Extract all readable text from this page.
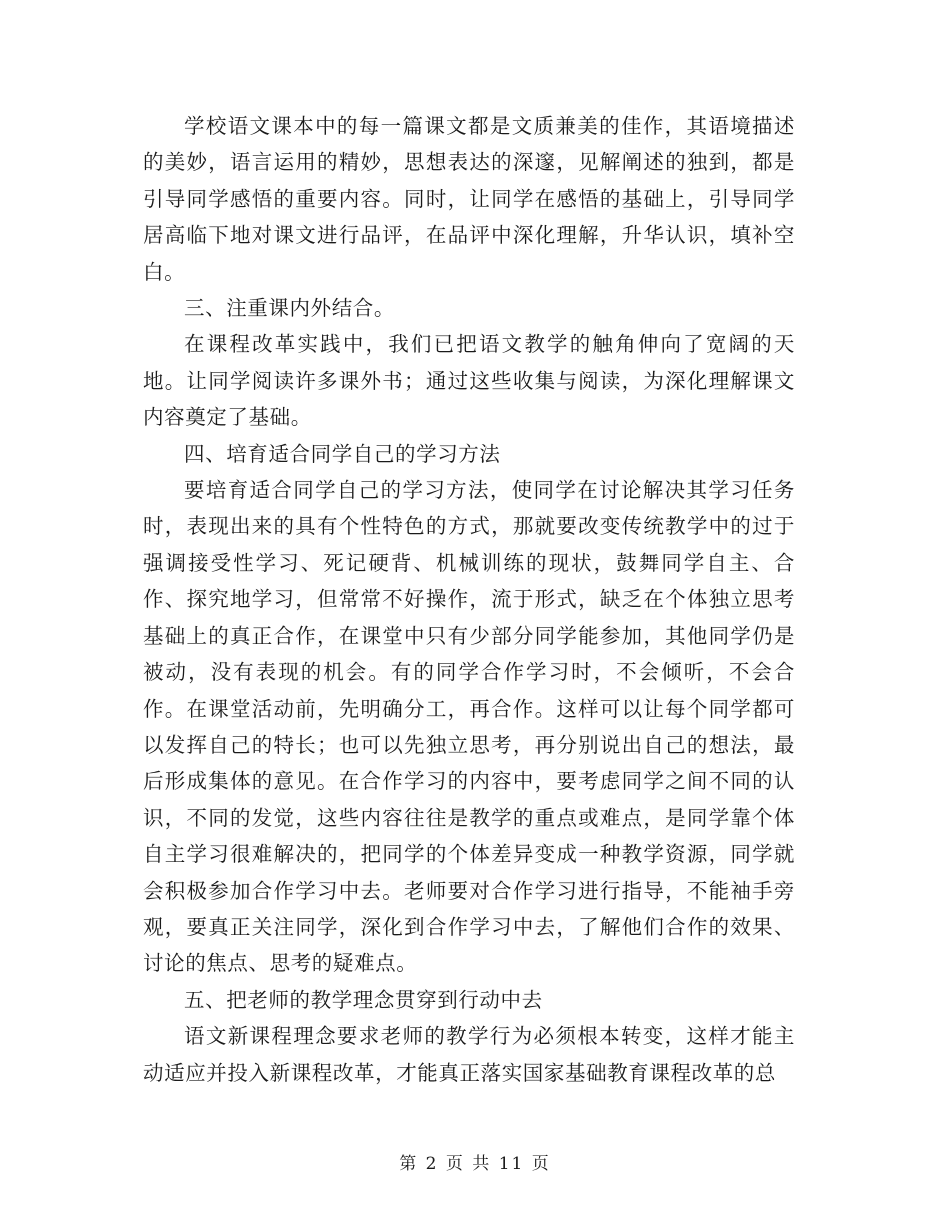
学校语文课本中的每一篇课文都是文质兼美的佳作，其语境描述的美妙，语言运用的精妙，思想表达的深邃，见解阐述的独到，都是引导同学感悟的重要内容。同时，让同学在感悟的基础上，引导同学居高临下地对课文进行品评，在品评中深化理解，升华认识，填补空白。

三、注重课内外结合。

在课程改革实践中，我们已把语文教学的触角伸向了宽阔的天地。让同学阅读许多课外书；通过这些收集与阅读，为深化理解课文内容奠定了基础。

四、培育适合同学自己的学习方法

要培育适合同学自己的学习方法，使同学在讨论解决其学习任务时，表现出来的具有个性特色的方式，那就要改变传统教学中的过于强调接受性学习、死记硬背、机械训练的现状，鼓舞同学自主、合作、探究地学习，但常常不好操作，流于形式，缺乏在个体独立思考基础上的真正合作，在课堂中只有少部分同学能参加，其他同学仍是被动，没有表现的机会。有的同学合作学习时，不会倾听，不会合作。在课堂活动前，先明确分工，再合作。这样可以让每个同学都可以发挥自己的特长；也可以先独立思考，再分别说出自己的想法，最后形成集体的意见。在合作学习的内容中，要考虑同学之间不同的认识，不同的发觉，这些内容往往是教学的重点或难点，是同学靠个体自主学习很难解决的，把同学的个体差异变成一种教学资源，同学就会积极参加合作学习中去。老师要对合作学习进行指导，不能袖手旁观，要真正关注同学，深化到合作学习中去，了解他们合作的效果、讨论的焦点、思考的疑难点。

五、把老师的教学理念贯穿到行动中去

语文新课程理念要求老师的教学行为必须根本转变，这样才能主动适应并投入新课程改革，才能真正落实国家基础教育课程改革的总

第 2 页 共 11 页
